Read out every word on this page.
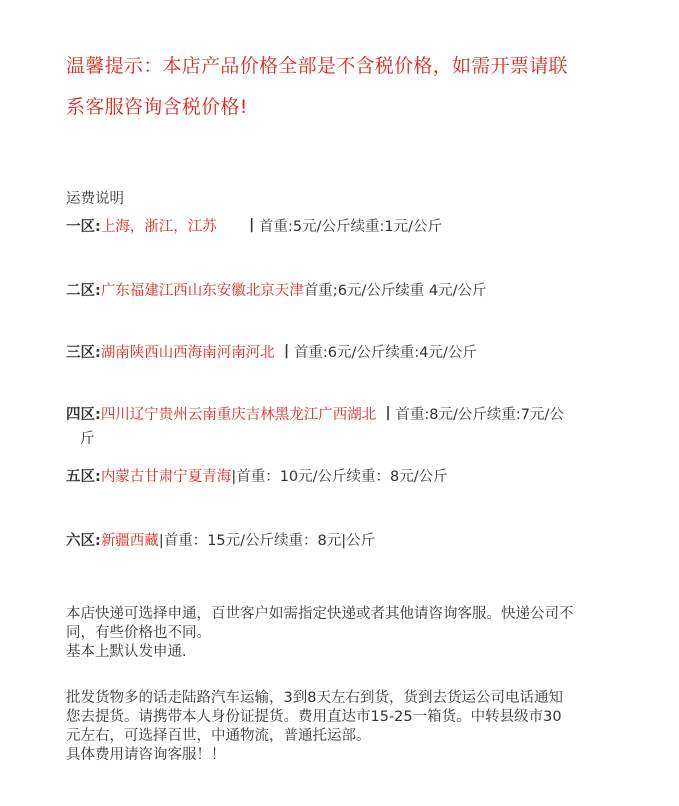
温馨提示：本店产品价格全部是不含税价格，如需开票请联
系客服咨询含税价格!
运费说明
一区:上海，浙江，江苏 丨首重:5元/公斤续重:1元/公斤
二区:广东福建江西山东安徽北京天津首重;6元/公斤续重 4元/公斤
三区:湖南陕西山西海南河南河北 丨首重:6元/公斤续重:4元/公斤
四区:四川辽宁贵州云南重庆吉林黑龙江广西湖北 丨首重:8元/公斤续重:7元/公
斤
五区:内蒙古甘肃宁夏青海|首重：10元/公斤续重：8元/公斤
六区:新疆西藏|首重：15元/公斤续重：8元|公斤
本店快递可选择申通，百世客户如需指定快递或者其他请咨询客服。快递公司不
同，有些价格也不同。
基本上默认发申通.
批发货物多的话走陆路汽车运输，3到8天左右到货，货到去货运公司电话通知
您去提货。请携带本人身份证提货。费用直达市15-25一箱货。中转县级市30
元左右，可选择百世，中通物流，普通托运部。
具体费用请咨询客服！！
